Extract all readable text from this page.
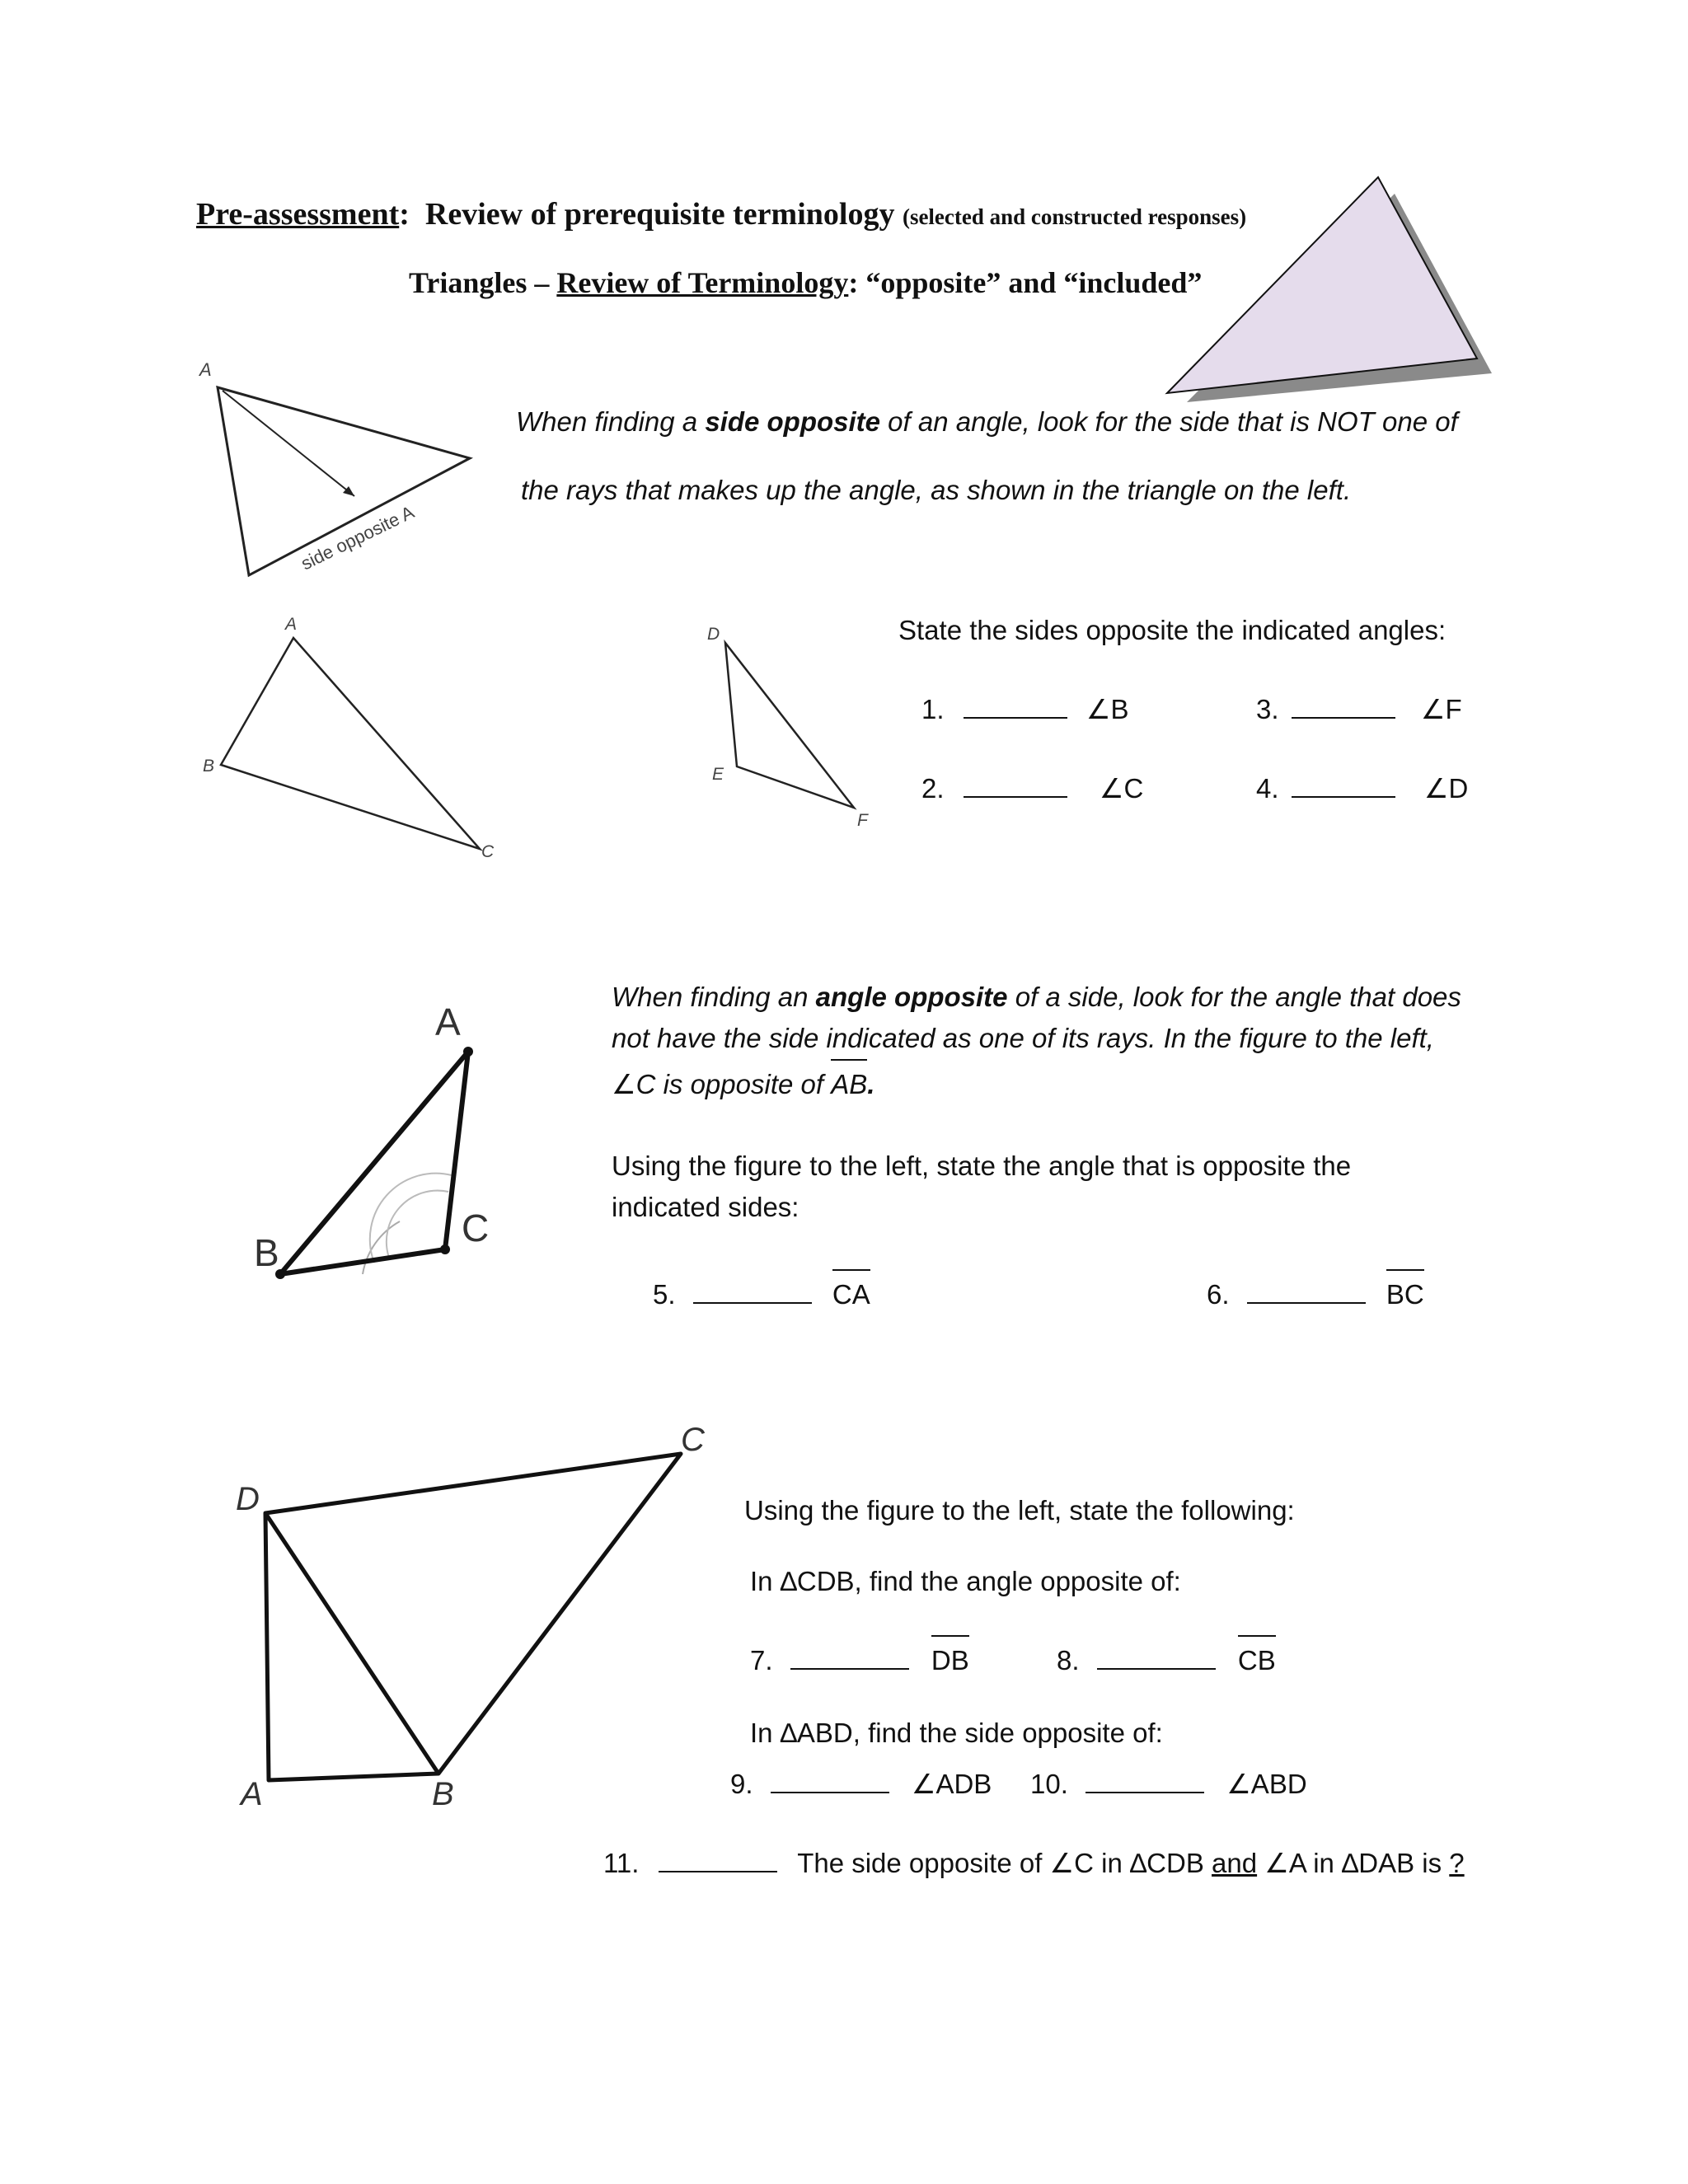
Pre-assessment: Review of prerequisite terminology (selected and constructed responses)
Triangles – Review of Terminology: “opposite” and “included”
A
side opposite A
When finding a side opposite of an angle, look for the side that is NOT one of
the rays that makes up the angle, as shown in the triangle on the left.
A
B
C
D
E
F
State the sides opposite the indicated angles:
1.	∠B	3.	∠F
2.	∠C	4.	∠D
A
B
C
When finding an angle opposite of a side, look for the angle that does
not have the side indicated as one of its rays. In the figure to the left,
∠C is opposite of AB.
Using the figure to the left, state the angle that is opposite the
indicated sides:
5.	CA	6.	BC
D
C
A	B
Using the figure to the left, state the following:
In ∆CDB, find the angle opposite of:
7.	DB	8.	CB
In ∆ABD, find the side opposite of:
9.	∠ADB 10.	∠ABD
11.	The side opposite of ∠C in ∆CDB and ∠A in ∆DAB is ?
